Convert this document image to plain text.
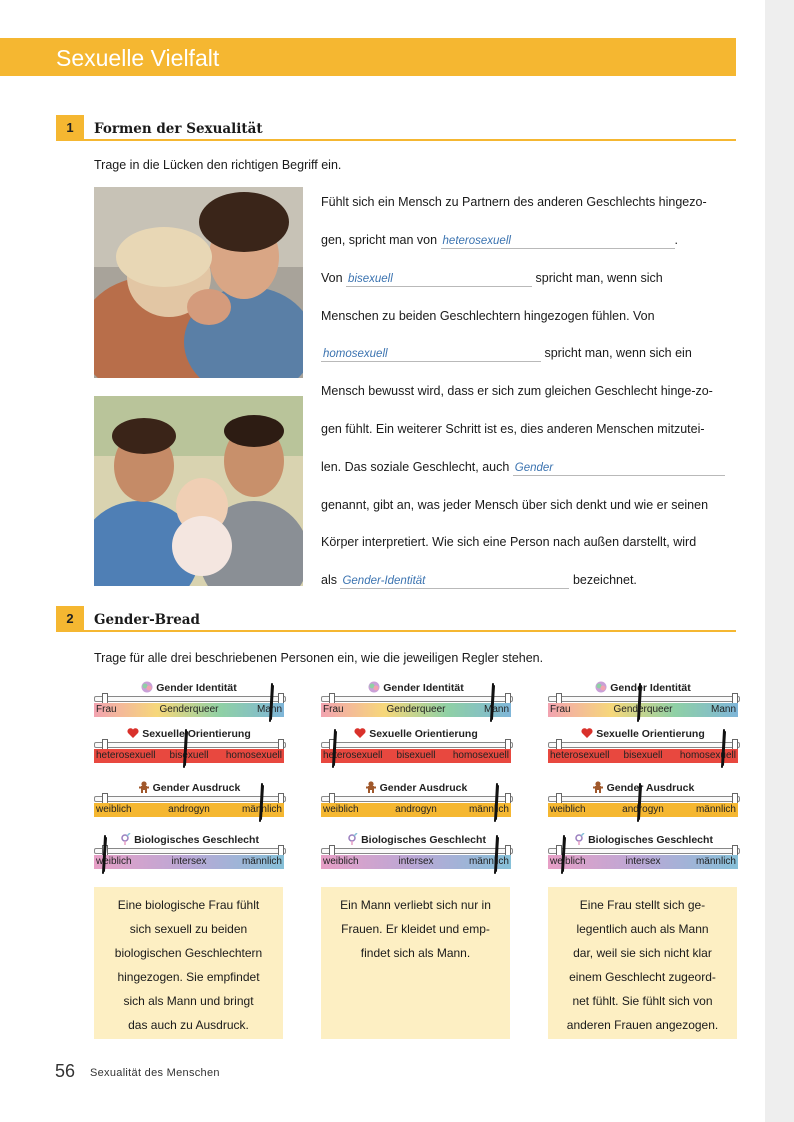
Sexuelle Vielfalt
1	Formen der Sexualität
Trage in die Lücken den richtigen Begriff ein.
Fühlt sich ein Mensch zu Partnern des anderen Geschlechts hingezo-
gen, spricht man von heterosexuell	.
Von bisexuell	spricht man, wenn sich
Menschen zu beiden Geschlechtern hingezogen fühlen. Von
homosexuell	spricht man, wenn sich ein
Mensch bewusst wird, dass er sich zum gleichen Geschlecht hinge-zo-
gen fühlt. Ein weiterer Schritt ist es, dies anderen Menschen mitzutei-
len. Das soziale Geschlecht, auch Gender
genannt, gibt an, was jeder Mensch über sich denkt und wie er seinen
Körper interpretiert. Wie sich eine Person nach außen darstellt, wird
als Gender-Identität	bezeichnet.
2	Gender-Bread
Trage für alle drei beschriebenen Personen ein, wie die jeweiligen Regler stehen.
Gender Identität
Genderqueer
Frau	Mann
Sexuelle Orientierung
bisexuell
heterosexuell	homosexuell
Gender Ausdruck
androgyn
weiblich	männlich
Biologisches Geschlecht
intersex
weiblich	männlich
Eine biologische Frau fühlt
sich sexuell zu beiden
biologischen Geschlechtern
hingezogen. Sie empfindet
sich als Mann und bringt
das auch zu Ausdruck.
Gender Identität
Genderqueer
Frau	Mann
Sexuelle Orientierung
bisexuell
heterosexuell	homosexuell
Gender Ausdruck
androgyn
weiblich	männlich
Biologisches Geschlecht
intersex
weiblich	männlich
Ein Mann verliebt sich nur in
Frauen. Er kleidet und emp-
findet sich als Mann.
Gender Identität
Genderqueer
Frau	Mann
Sexuelle Orientierung
bisexuell
heterosexuell	homosexuell
Gender Ausdruck
androgyn
weiblich	männlich
Biologisches Geschlecht
intersex
weiblich	männlich
Eine Frau stellt sich ge-
legentlich auch als Mann
dar, weil sie sich nicht klar
einem Geschlecht zugeord-
net fühlt. Sie fühlt sich von
anderen Frauen angezogen.
56 Sexualität des Menschen
